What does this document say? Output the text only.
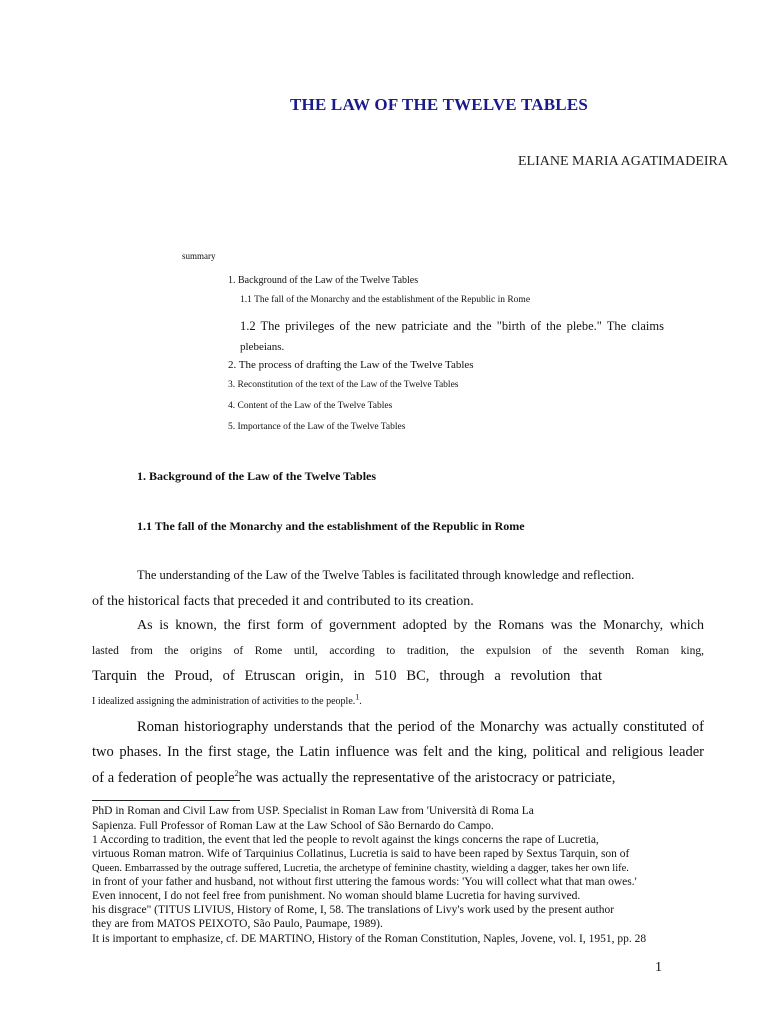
THE LAW OF THE TWELVE TABLES
ELIANE MARIA AGATIMADEIRA
summary
1. Background of the Law of the Twelve Tables
1.1 The fall of the Monarchy and the establishment of the Republic in Rome
1.2 The privileges of the new patriciate and the "birth of the plebe." The claims
plebeians.
2. The process of drafting the Law of the Twelve Tables
3. Reconstitution of the text of the Law of the Twelve Tables
4. Content of the Law of the Twelve Tables
5. Importance of the Law of the Twelve Tables
1. Background of the Law of the Twelve Tables
1.1 The fall of the Monarchy and the establishment of the Republic in Rome
The understanding of the Law of the Twelve Tables is facilitated through knowledge and reflection.
of the historical facts that preceded it and contributed to its creation.
As is known, the first form of government adopted by the Romans was the Monarchy, which
lasted from the origins of Rome until, according to tradition, the expulsion of the seventh Roman king,
Tarquin the Proud, of Etruscan origin, in 510 BC, through a revolution that
I idealized assigning the administration of activities to the people.$^1$.
Roman historiography understands that the period of the Monarchy was actually constituted of
two phases. In the first stage, the Latin influence was felt and the king, political and religious leader
of a federation of people$^2$he was actually the representative of the aristocracy or patriciate,
PhD in Roman and Civil Law from USP. Specialist in Roman Law from 'Università di Roma La
Sapienza. Full Professor of Roman Law at the Law School of São Bernardo do Campo.
1 According to tradition, the event that led the people to revolt against the kings concerns the rape of Lucretia,
virtuous Roman matron. Wife of Tarquinius Collatinus, Lucretia is said to have been raped by Sextus Tarquin, son of
Queen. Embarrassed by the outrage suffered, Lucretia, the archetype of feminine chastity, wielding a dagger, takes her own life.
in front of your father and husband, not without first uttering the famous words: 'You will collect what that man owes.'
Even innocent, I do not feel free from punishment. No woman should blame Lucretia for having survived.
his disgrace" (TITUS LIVIUS, History of Rome, I, 58. The translations of Livy's work used by the present author
they are from MATOS PEIXOTO, São Paulo, Paumape, 1989).
It is important to emphasize, cf. DE MARTINO, History of the Roman Constitution, Naples, Jovene, vol. I, 1951, pp. 28
1
